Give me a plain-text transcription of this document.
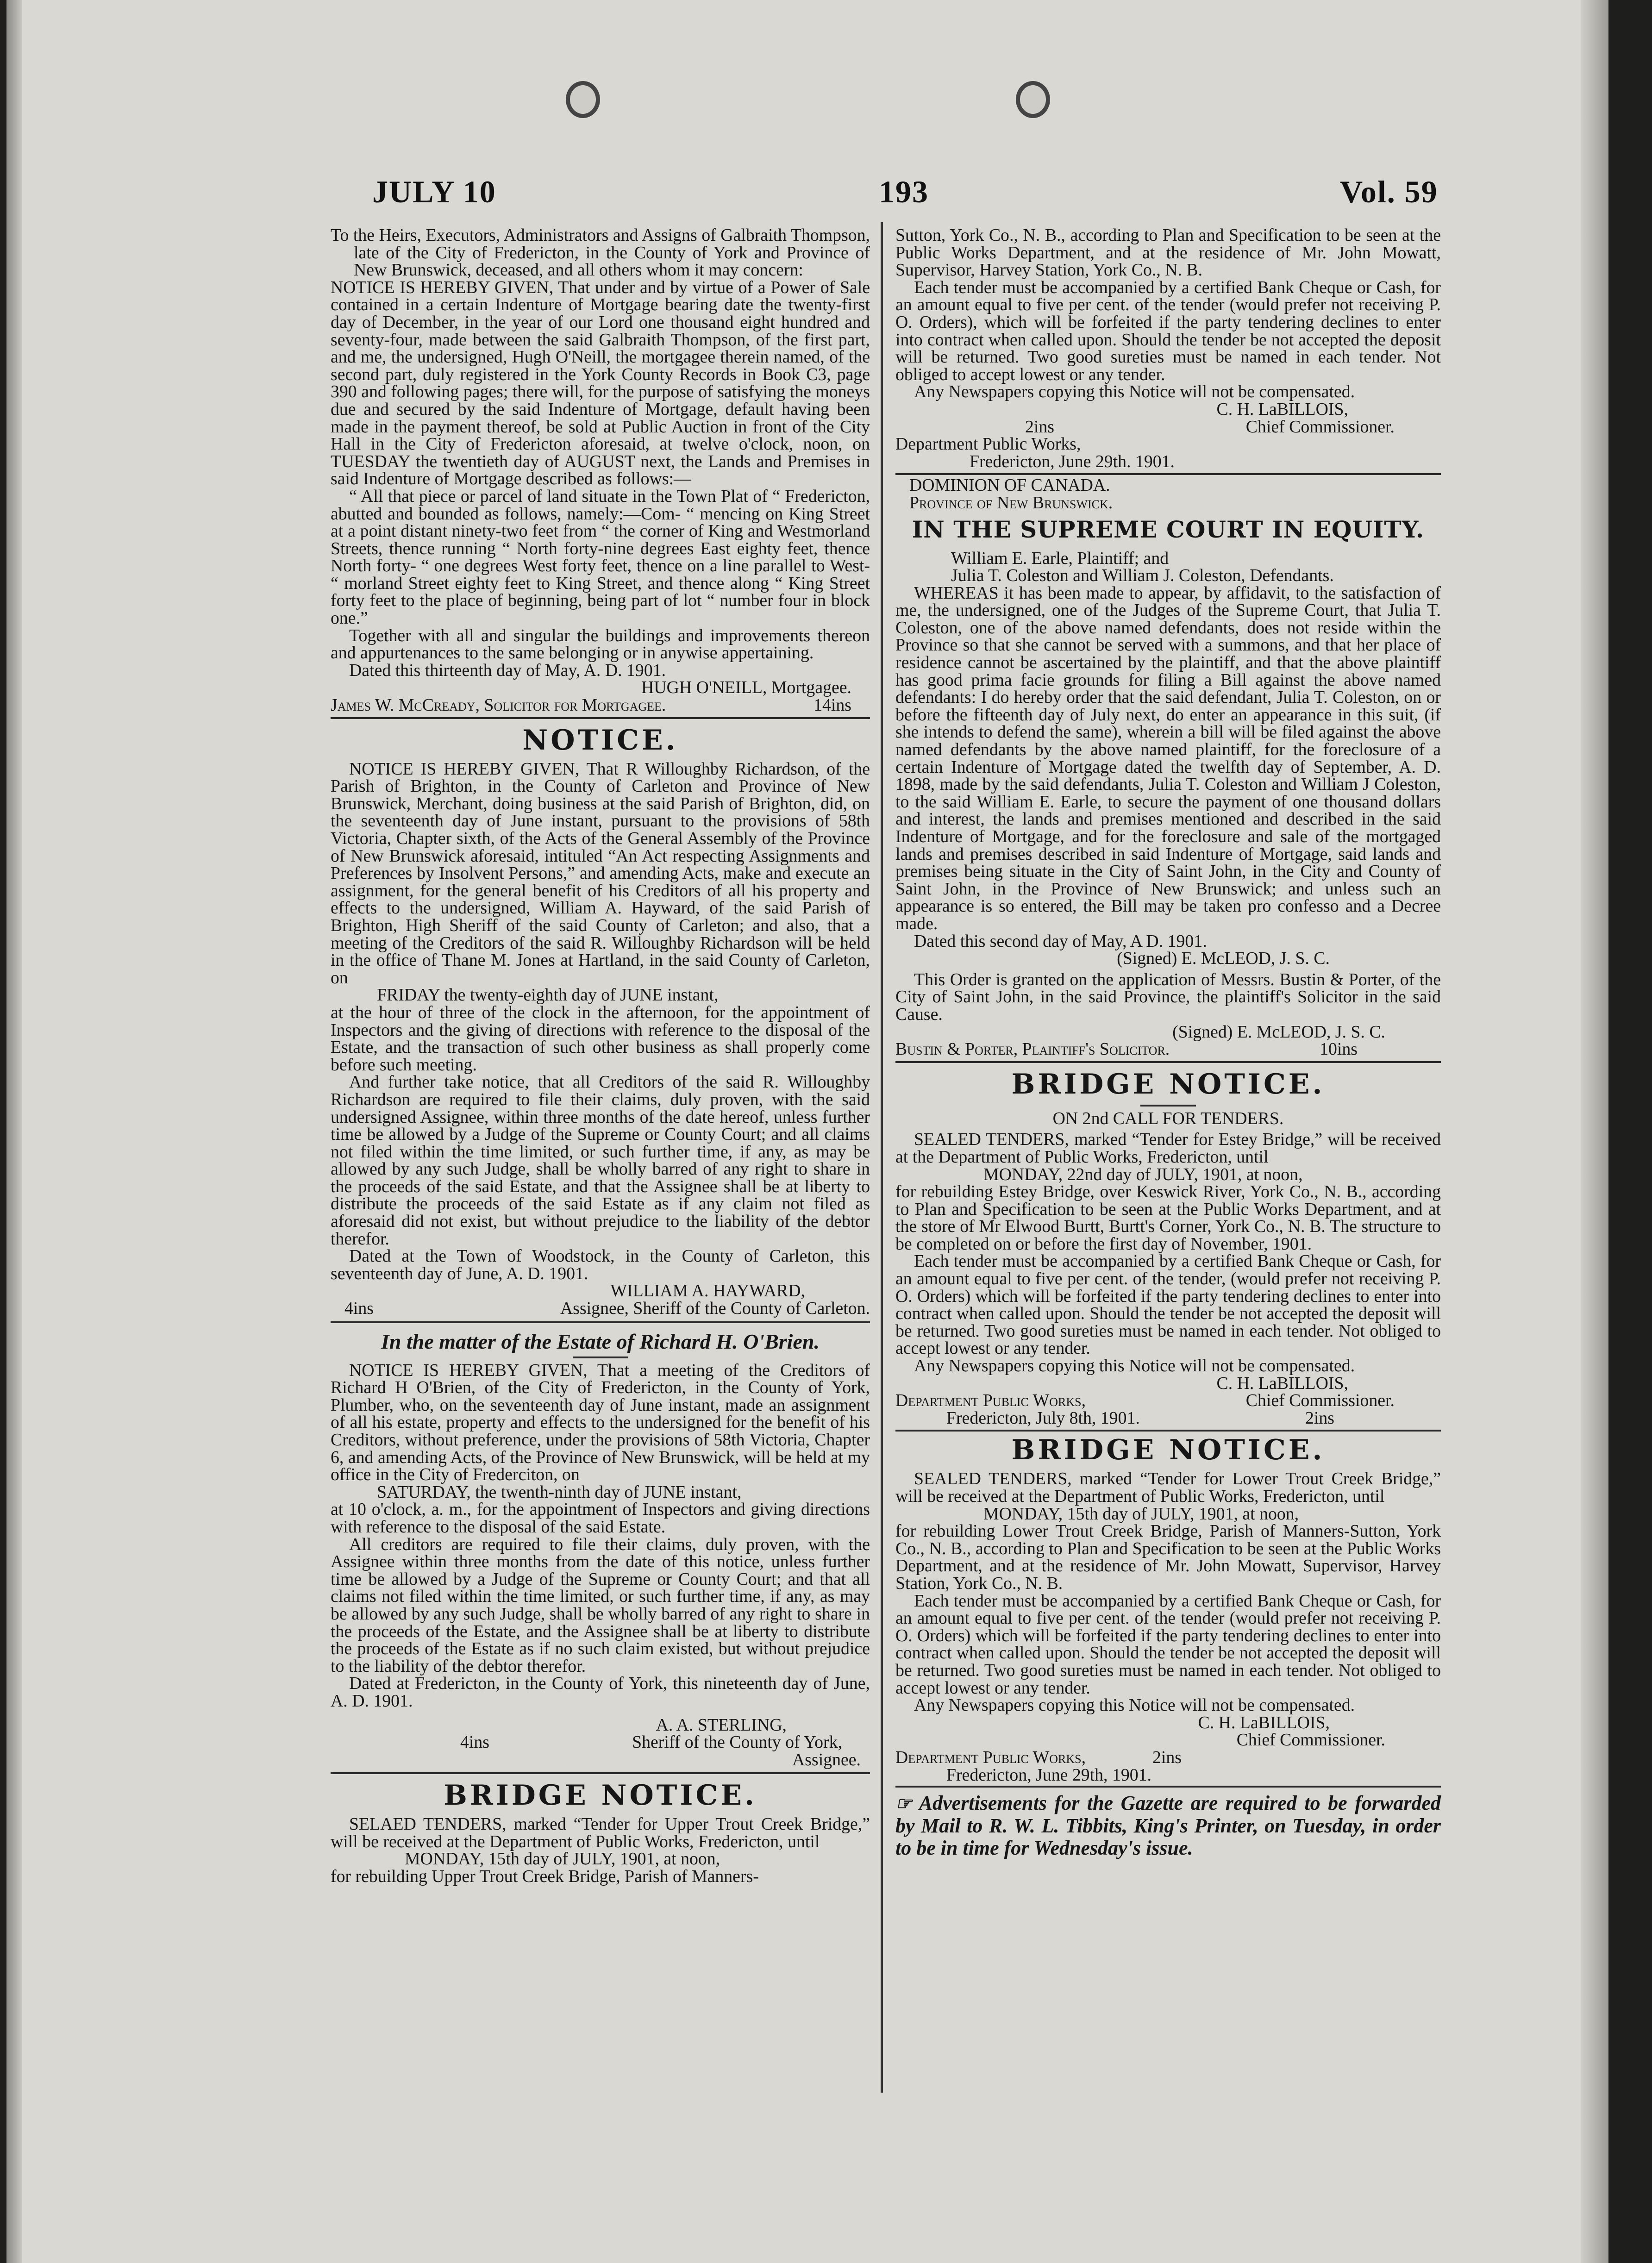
JULY 10	193	Vol. 59

To the Heirs, Executors, Administrators and Assigns of Galbraith Thompson, late of the City of Fredericton, in the County of York and Province of New Brunswick, deceased, and all others whom it may concern:

NOTICE IS HEREBY GIVEN, That under and by virtue of a Power of Sale contained in a certain Indenture of Mortgage bearing date the twenty-first day of December, in the year of our Lord one thousand eight hundred and seventy-four, made between the said Galbraith Thompson, of the first part, and me, the undersigned, Hugh O'Neill, the mortgagee therein named, of the second part, duly registered in the York County Records in Book C3, page 390 and following pages; there will, for the purpose of satisfying the moneys due and secured by the said Indenture of Mortgage, default having been made in the payment thereof, be sold at Public Auction in front of the City Hall in the City of Fredericton aforesaid, at twelve o'clock, noon, on TUESDAY the twentieth day of AUGUST next, the Lands and Premises in said Indenture of Mortgage described as follows:—

“ All that piece or parcel of land situate in the Town Plat of “ Fredericton, abutted and bounded as follows, namely:—Com- “ mencing on King Street at a point distant ninety-two feet from “ the corner of King and Westmorland Streets, thence running “ North forty-nine degrees East eighty feet, thence North forty- “ one degrees West forty feet, thence on a line parallel to West- “ morland Street eighty feet to King Street, and thence along “ King Street forty feet to the place of beginning, being part of lot “ number four in block one.”

Together with all and singular the buildings and improvements thereon and appurtenances to the same belonging or in anywise appertaining.

Dated this thirteenth day of May, A. D. 1901.

HUGH O'NEILL, Mortgagee.

James W. McCready, Solicitor for Mortgagee.	14ins
NOTICE.

NOTICE IS HEREBY GIVEN, That R Willoughby Richardson, of the Parish of Brighton, in the County of Carleton and Province of New Brunswick, Merchant, doing business at the said Parish of Brighton, did, on the seventeenth day of June instant, pursuant to the provisions of 58th Victoria, Chapter sixth, of the Acts of the General Assembly of the Province of New Brunswick aforesaid, intituled “An Act respecting Assignments and Preferences by Insolvent Persons,” and amending Acts, make and execute an assignment, for the general benefit of his Creditors of all his property and effects to the undersigned, William A. Hayward, of the said Parish of Brighton, High Sheriff of the said County of Carleton; and also, that a meeting of the Creditors of the said R. Willoughby Richardson will be held in the office of Thane M. Jones at Hartland, in the said County of Carleton, on

FRIDAY the twenty-eighth day of JUNE instant,

at the hour of three of the clock in the afternoon, for the appointment of Inspectors and the giving of directions with reference to the disposal of the Estate, and the transaction of such other business as shall properly come before such meeting.

And further take notice, that all Creditors of the said R. Willoughby Richardson are required to file their claims, duly proven, with the said undersigned Assignee, within three months of the date hereof, unless further time be allowed by a Judge of the Supreme or County Court; and all claims not filed within the time limited, or such further time, if any, as may be allowed by any such Judge, shall be wholly barred of any right to share in the proceeds of the said Estate, and that the Assignee shall be at liberty to distribute the proceeds of the said Estate as if any claim not filed as aforesaid did not exist, but without prejudice to the liability of the debtor therefor.

Dated at the Town of Woodstock, in the County of Carleton, this seventeenth day of June, A. D. 1901.

WILLIAM A. HAYWARD,

4ins	Assignee, Sheriff of the County of Carleton.

In the matter of the Estate of Richard H. O'Brien.

NOTICE IS HEREBY GIVEN, That a meeting of the Creditors of Richard H O'Brien, of the City of Fredericton, in the County of York, Plumber, who, on the seventeenth day of June instant, made an assignment of all his estate, property and effects to the undersigned for the benefit of his Creditors, without preference, under the provisions of 58th Victoria, Chapter 6, and amending Acts, of the Province of New Brunswick, will be held at my office in the City of Frederciton, on

SATURDAY, the twenth-ninth day of JUNE instant,

at 10 o'clock, a. m., for the appointment of Inspectors and giving directions with reference to the disposal of the said Estate.

All creditors are required to file their claims, duly proven, with the Assignee within three months from the date of this notice, unless further time be allowed by a Judge of the Supreme or County Court; and that all claims not filed within the time limited, or such further time, if any, as may be allowed by any such Judge, shall be wholly barred of any right to share in the proceeds of the Estate, and the Assignee shall be at liberty to distribute the proceeds of the Estate as if no such claim existed, but without prejudice to the liability of the debtor therefor.

Dated at Fredericton, in the County of York, this nineteenth day of June, A. D. 1901.

A. A. STERLING,

4ins	Sheriff of the County of York,

Assignee.

BRIDGE NOTICE.

SELAED TENDERS, marked “Tender for Upper Trout Creek Bridge,” will be received at the Department of Public Works, Fredericton, until

MONDAY, 15th day of JULY, 1901, at noon,

for rebuilding Upper Trout Creek Bridge, Parish of Manners-

Sutton, York Co., N. B., according to Plan and Specification to be seen at the Public Works Department, and at the residence of Mr. John Mowatt, Supervisor, Harvey Station, York Co., N. B.

Each tender must be accompanied by a certified Bank Cheque or Cash, for an amount equal to five per cent. of the tender (would prefer not receiving P. O. Orders), which will be forfeited if the party tendering declines to enter into contract when called upon. Should the tender be not accepted the deposit will be returned. Two good sureties must be named in each tender. Not obliged to accept lowest or any tender.

Any Newspapers copying this Notice will not be compensated.

C. H. LaBILLOIS,

2ins	Chief Commissioner.

Department Public Works,

Fredericton, June 29th. 1901.

DOMINION OF CANADA.

Province of New Brunswick.

IN THE SUPREME COURT IN EQUITY.

William E. Earle, Plaintiff; and

Julia T. Coleston and William J. Coleston, Defendants.

WHEREAS it has been made to appear, by affidavit, to the satisfaction of me, the undersigned, one of the Judges of the Supreme Court, that Julia T. Coleston, one of the above named defendants, does not reside within the Province so that she cannot be served with a summons, and that her place of residence cannot be ascertained by the plaintiff, and that the above plaintiff has good prima facie grounds for filing a Bill against the above named defendants: I do hereby order that the said defendant, Julia T. Coleston, on or before the fifteenth day of July next, do enter an appearance in this suit, (if she intends to defend the same), wherein a bill will be filed against the above named defendants by the above named plaintiff, for the foreclosure of a certain Indenture of Mortgage dated the twelfth day of September, A. D. 1898, made by the said defendants, Julia T. Coleston and William J Coleston, to the said William E. Earle, to secure the payment of one thousand dollars and interest, the lands and premises mentioned and described in the said Indenture of Mortgage, and for the foreclosure and sale of the mortgaged lands and premises described in said Indenture of Mortgage, said lands and premises being situate in the City of Saint John, in the City and County of Saint John, in the Province of New Brunswick; and unless such an appearance is so entered, the Bill may be taken pro confesso and a Decree made.

Dated this second day of May, A D. 1901.

(Signed) E. McLEOD, J. S. C.

This Order is granted on the application of Messrs. Bustin & Porter, of the City of Saint John, in the said Province, the plaintiff's Solicitor in the said Cause.

(Signed) E. McLEOD, J. S. C.

Bustin & Porter, Plaintiff's Solicitor.	10ins
BRIDGE NOTICE.

ON 2nd CALL FOR TENDERS.

SEALED TENDERS, marked “Tender for Estey Bridge,” will be received at the Department of Public Works, Fredericton, until

MONDAY, 22nd day of JULY, 1901, at noon,

for rebuilding Estey Bridge, over Keswick River, York Co., N. B., according to Plan and Specification to be seen at the Public Works Department, and at the store of Mr Elwood Burtt, Burtt's Corner, York Co., N. B. The structure to be completed on or before the first day of November, 1901.

Each tender must be accompanied by a certified Bank Cheque or Cash, for an amount equal to five per cent. of the tender, (would prefer not receiving P. O. Orders) which will be forfeited if the party tendering declines to enter into contract when called upon. Should the tender be not accepted the deposit will be returned. Two good sureties must be named in each tender. Not obliged to accept lowest or any tender.

Any Newspapers copying this Notice will not be compensated.

C. H. LaBILLOIS,

Department Public Works,	Chief Commissioner.
Fredericton, July 8th, 1901.	2ins
BRIDGE NOTICE.

SEALED TENDERS, marked “Tender for Lower Trout Creek Bridge,” will be received at the Department of Public Works, Fredericton, until

MONDAY, 15th day of JULY, 1901, at noon,

for rebuilding Lower Trout Creek Bridge, Parish of Manners-Sutton, York Co., N. B., according to Plan and Specification to be seen at the Public Works Department, and at the residence of Mr. John Mowatt, Supervisor, Harvey Station, York Co., N. B.

Each tender must be accompanied by a certified Bank Cheque or Cash, for an amount equal to five per cent. of the tender (would prefer not receiving P. O. Orders) which will be forfeited if the party tendering declines to enter into contract when called upon. Should the tender be not accepted the deposit will be returned. Two good sureties must be named in each tender. Not obliged to accept lowest or any tender.

Any Newspapers copying this Notice will not be compensated.

C. H. LaBILLOIS,

Chief Commissioner.

Department Public Works,	2ins

Fredericton, June 29th, 1901.

☞ Advertisements for the Gazette are required to be forwarded by Mail to R. W. L. Tibbits, King's Printer, on Tuesday, in order to be in time for Wednesday's issue.
